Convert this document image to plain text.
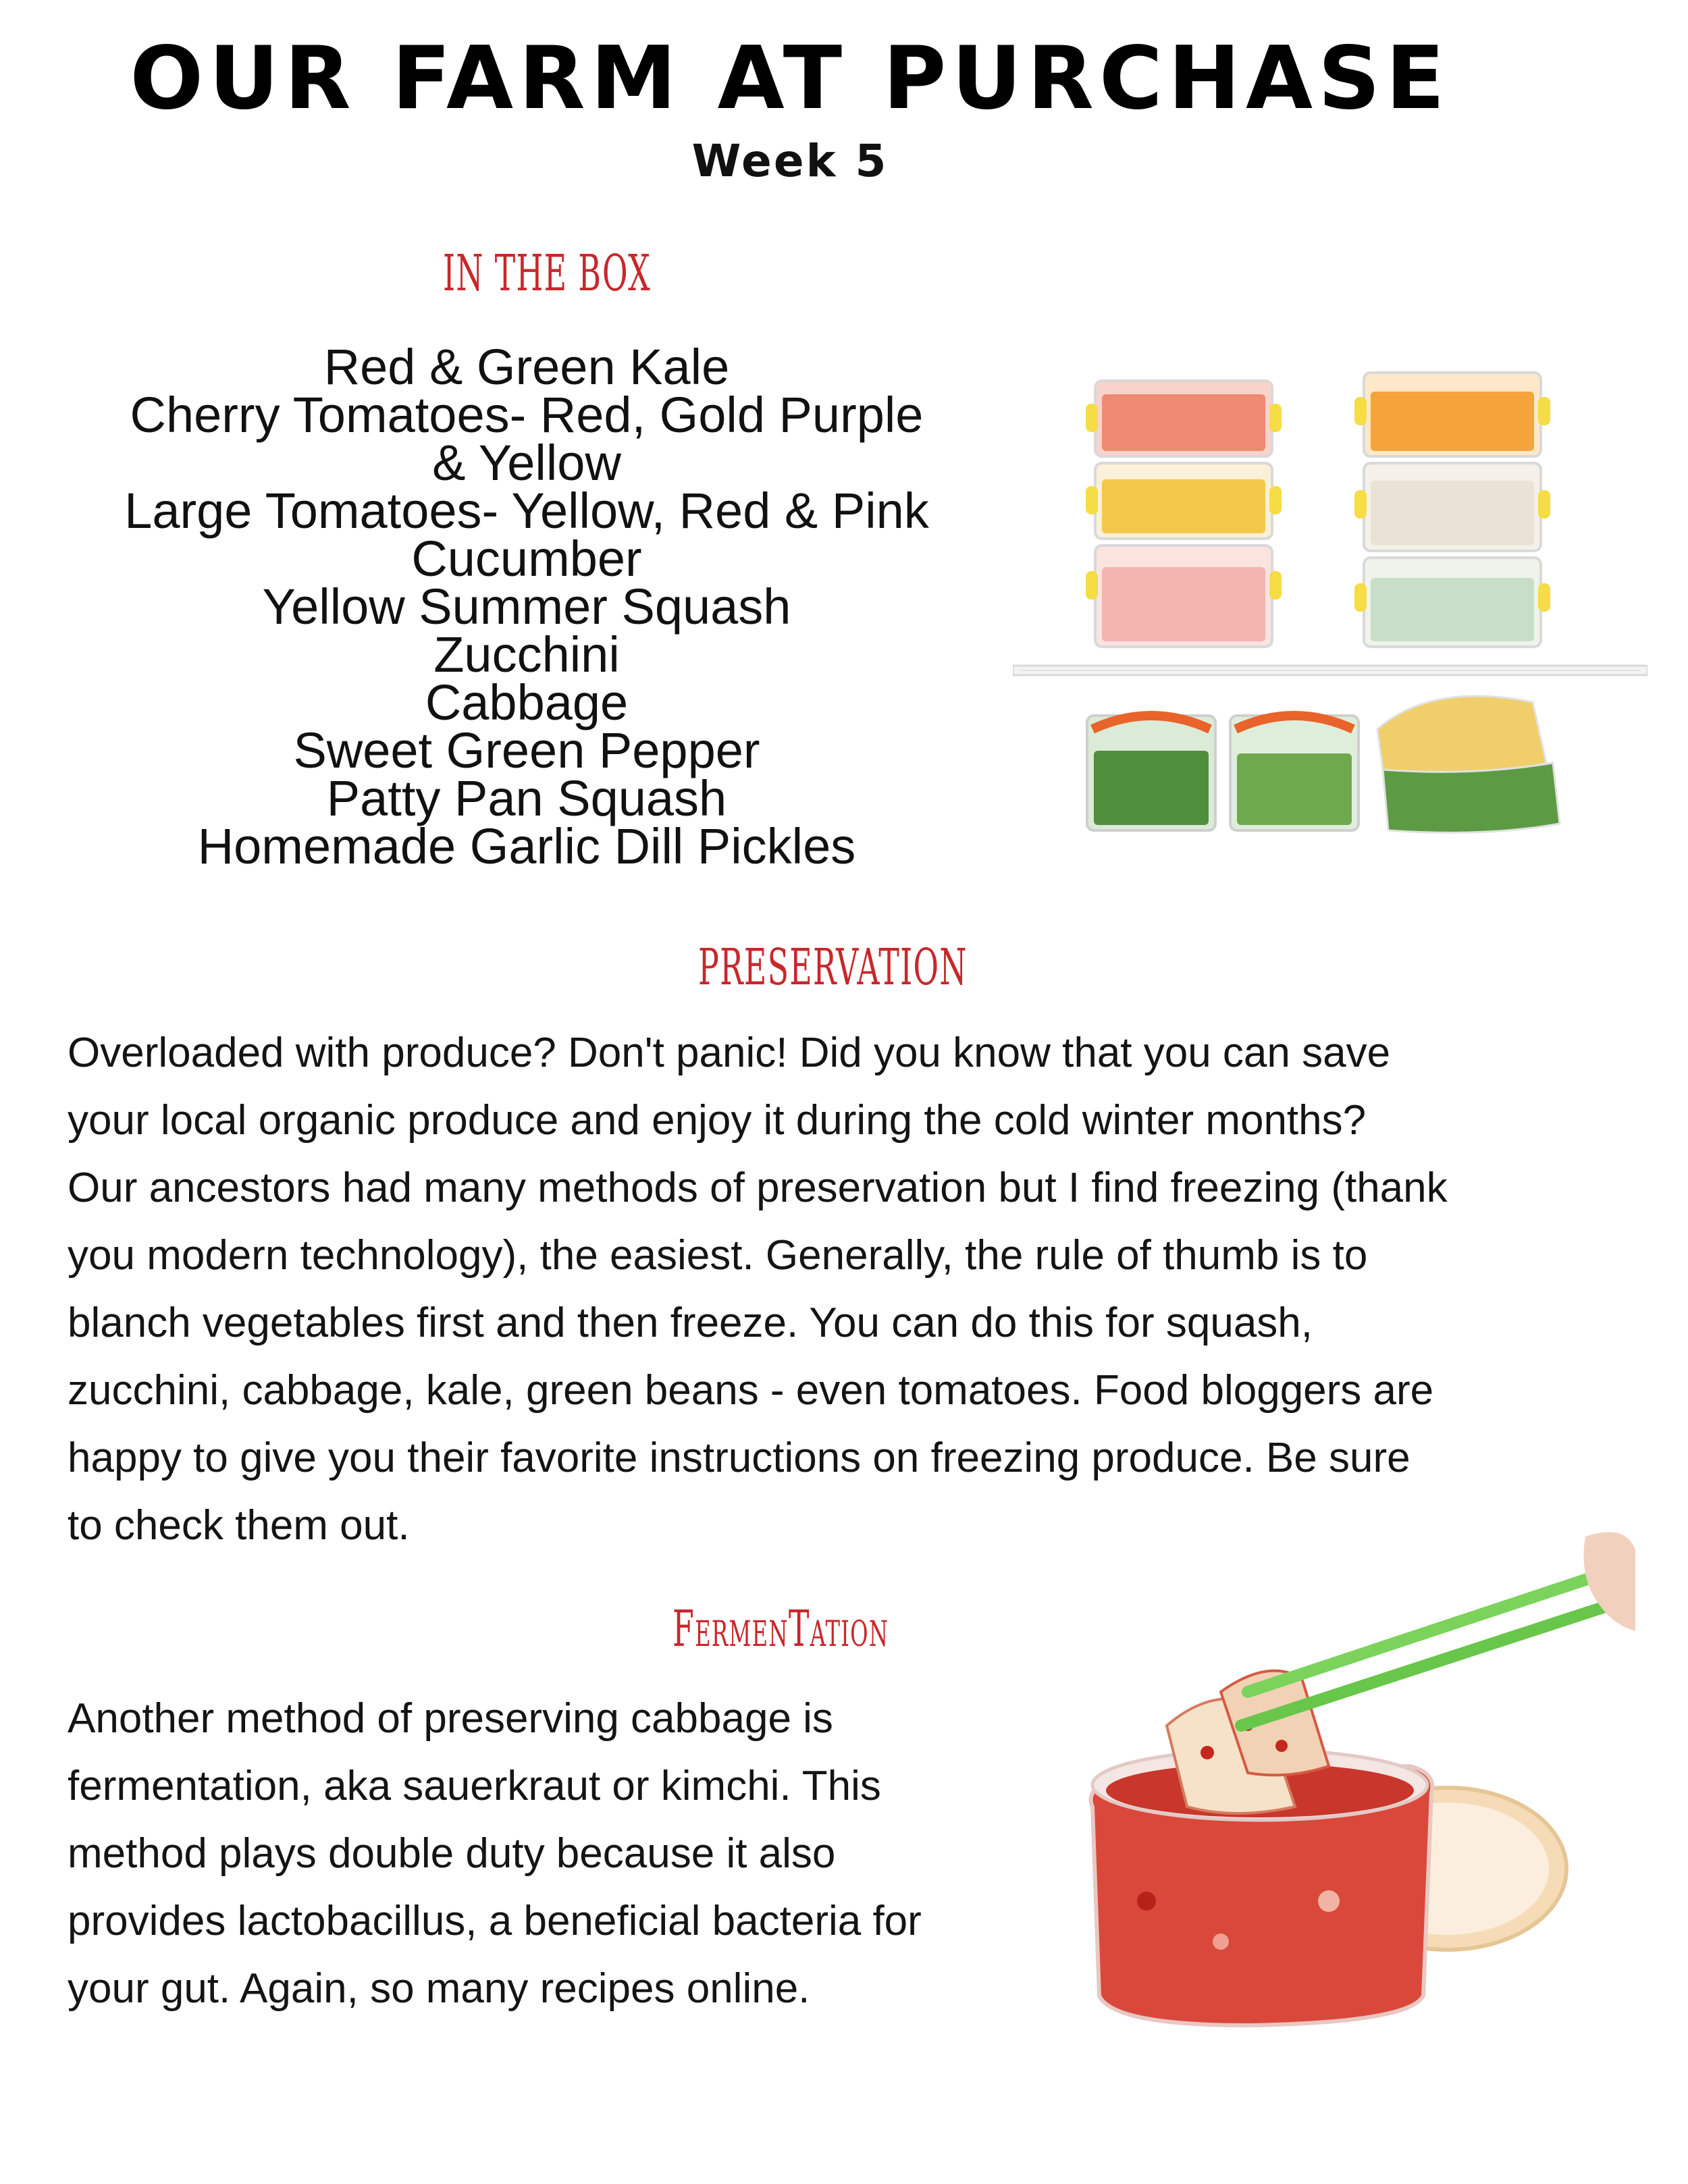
OUR FARM AT PURCHASE
Week 5
IN THE BOX
Red & Green Kale
Cherry Tomatoes- Red, Gold Purple
& Yellow
Large Tomatoes- Yellow, Red & Pink
Cucumber
Yellow Summer Squash
Zucchini
Cabbage
Sweet Green Pepper
Patty Pan Squash
Homemade Garlic Dill Pickles
PRESERVATION

Overloaded with produce? Don't panic! Did you know that you can save
your local organic produce and enjoy it during the cold winter months?
Our ancestors had many methods of preservation but I find freezing (thank
you modern technology), the easiest. Generally, the rule of thumb is to
blanch vegetables first and then freeze. You can do this for squash,
zucchini, cabbage, kale, green beans - even tomatoes. Food bloggers are
happy to give you their favorite instructions on freezing produce. Be sure
to check them out.

FermenTation

Another method of preserving cabbage is
fermentation, aka sauerkraut or kimchi. This
method plays double duty because it also
provides lactobacillus, a beneficial bacteria for
your gut. Again, so many recipes online.
